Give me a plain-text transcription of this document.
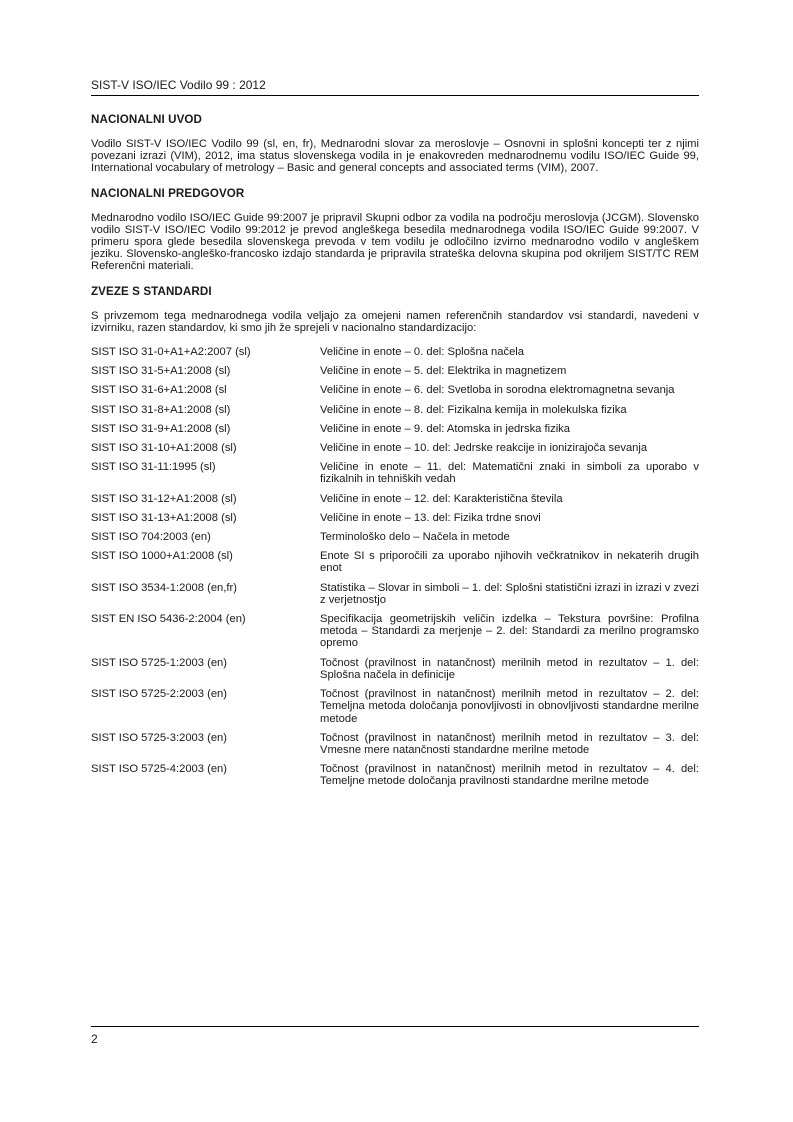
SIST-V ISO/IEC Vodilo 99 : 2012
NACIONALNI UVOD

Vodilo SIST-V ISO/IEC Vodilo 99 (sl, en, fr), Mednarodni slovar za meroslovje – Osnovni in splošni koncepti ter z njimi povezani izrazi (VIM), 2012, ima status slovenskega vodila in je enakovreden mednarodnemu vodilu ISO/IEC Guide 99, International vocabulary of metrology – Basic and general concepts and associated terms (VIM), 2007.

NACIONALNI PREDGOVOR

Mednarodno vodilo ISO/IEC Guide 99:2007 je pripravil Skupni odbor za vodila na področju meroslovja (JCGM). Slovensko vodilo SIST-V ISO/IEC Vodilo 99:2012 je prevod angleškega besedila mednarodnega vodila ISO/IEC Guide 99:2007. V primeru spora glede besedila slovenskega prevoda v tem vodilu je odločilno izvirno mednarodno vodilo v angleškem jeziku. Slovensko-angleško-francosko izdajo standarda je pripravila strateška delovna skupina pod okriljem SIST/TC REM Referenčni materiali.

ZVEZE S STANDARDI

S privzemom tega mednarodnega vodila veljajo za omejeni namen referenčnih standardov vsi standardi, navedeni v izvirniku, razen standardov, ki smo jih že sprejeli v nacionalno standardizacijo:

SIST ISO 31-0+A1+A2:2007 (sl)	Veličine in enote – 0. del: Splošna načela
SIST ISO 31-5+A1:2008 (sl)	Veličine in enote – 5. del: Elektrika in magnetizem
SIST ISO 31-6+A1:2008 (sl	Veličine in enote – 6. del: Svetloba in sorodna elektromagnetna sevanja
SIST ISO 31-8+A1:2008 (sl)	Veličine in enote – 8. del: Fizikalna kemija in molekulska fizika
SIST ISO 31-9+A1:2008 (sl)	Veličine in enote – 9. del: Atomska in jedrska fizika
SIST ISO 31-10+A1:2008 (sl)	Veličine in enote – 10. del: Jedrske reakcije in ionizirajoča sevanja
SIST ISO 31-11:1995 (sl)	Veličine in enote – 11. del: Matematični znaki in simboli za uporabo v fizikalnih in tehniških vedah
SIST ISO 31-12+A1:2008 (sl)	Veličine in enote – 12. del: Karakteristična števila
SIST ISO 31-13+A1:2008 (sl)	Veličine in enote – 13. del: Fizika trdne snovi
SIST ISO 704:2003 (en)	Terminološko delo – Načela in metode
SIST ISO 1000+A1:2008 (sl)	Enote SI s priporočili za uporabo njihovih večkratnikov in nekaterih drugih enot
SIST ISO 3534-1:2008 (en,fr)	Statistika – Slovar in simboli – 1. del: Splošni statistični izrazi in izrazi v zvezi z verjetnostjo
SIST EN ISO 5436-2:2004 (en)	Specifikacija geometrijskih veličin izdelka – Tekstura površine: Profilna metoda – Standardi za merjenje – 2. del: Standardi za merilno programsko opremo
SIST ISO 5725-1:2003 (en)	Točnost (pravilnost in natančnost) merilnih metod in rezultatov – 1. del: Splošna načela in definicije
SIST ISO 5725-2:2003 (en)	Točnost (pravilnost in natančnost) merilnih metod in rezultatov – 2. del: Temeljna metoda določanja ponovljivosti in obnovljivosti standardne merilne metode
SIST ISO 5725-3:2003 (en)	Točnost (pravilnost in natančnost) merilnih metod in rezultatov – 3. del: Vmesne mere natančnosti standardne merilne metode
SIST ISO 5725-4:2003 (en)	Točnost (pravilnost in natančnost) merilnih metod in rezultatov – 4. del: Temeljne metode določanja pravilnosti standardne merilne metode
2
